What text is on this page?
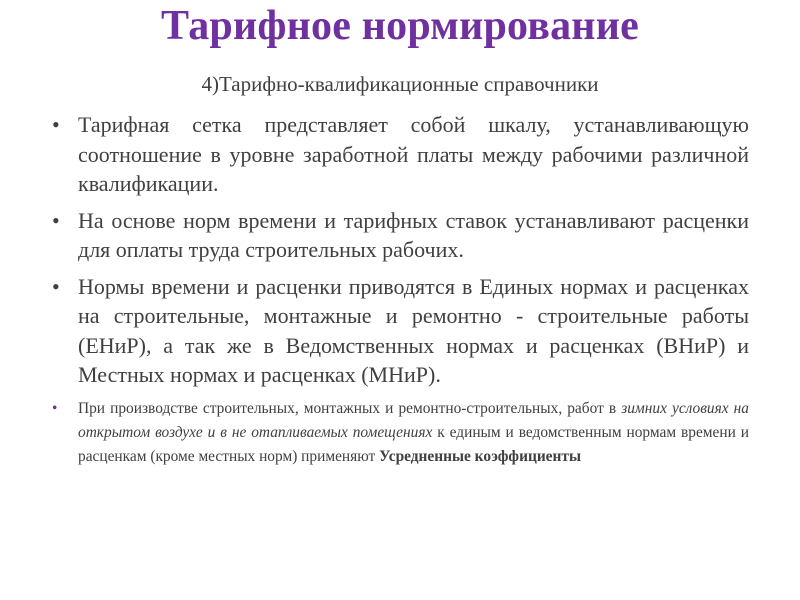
Тарифное нормирование
4)Тарифно-квалификационные справочники
• Тарифная сетка представляет собой шкалу, устанавливающую соотношение в уровне заработной платы между рабочими различной квалификации.
• На основе норм времени и тарифных ставок устанавливают расценки для оплаты труда строительных рабочих.
• Нормы времени и расценки приводятся в Единых нормах и расценках на строительные, монтажные и ремонтно - строительные работы (ЕНиР), а так же в Ведомственных нормах и расценках (ВНиР) и Местных нормах и расценках (МНиР).
•	При производстве строительных, монтажных и ремонтно-строительных, работ в зимних условиях на открытом воздухе и в не отапливаемых помещениях к единым и ведомственным нормам времени и расценкам (кроме местных норм) применяют Усредненные коэффициенты
